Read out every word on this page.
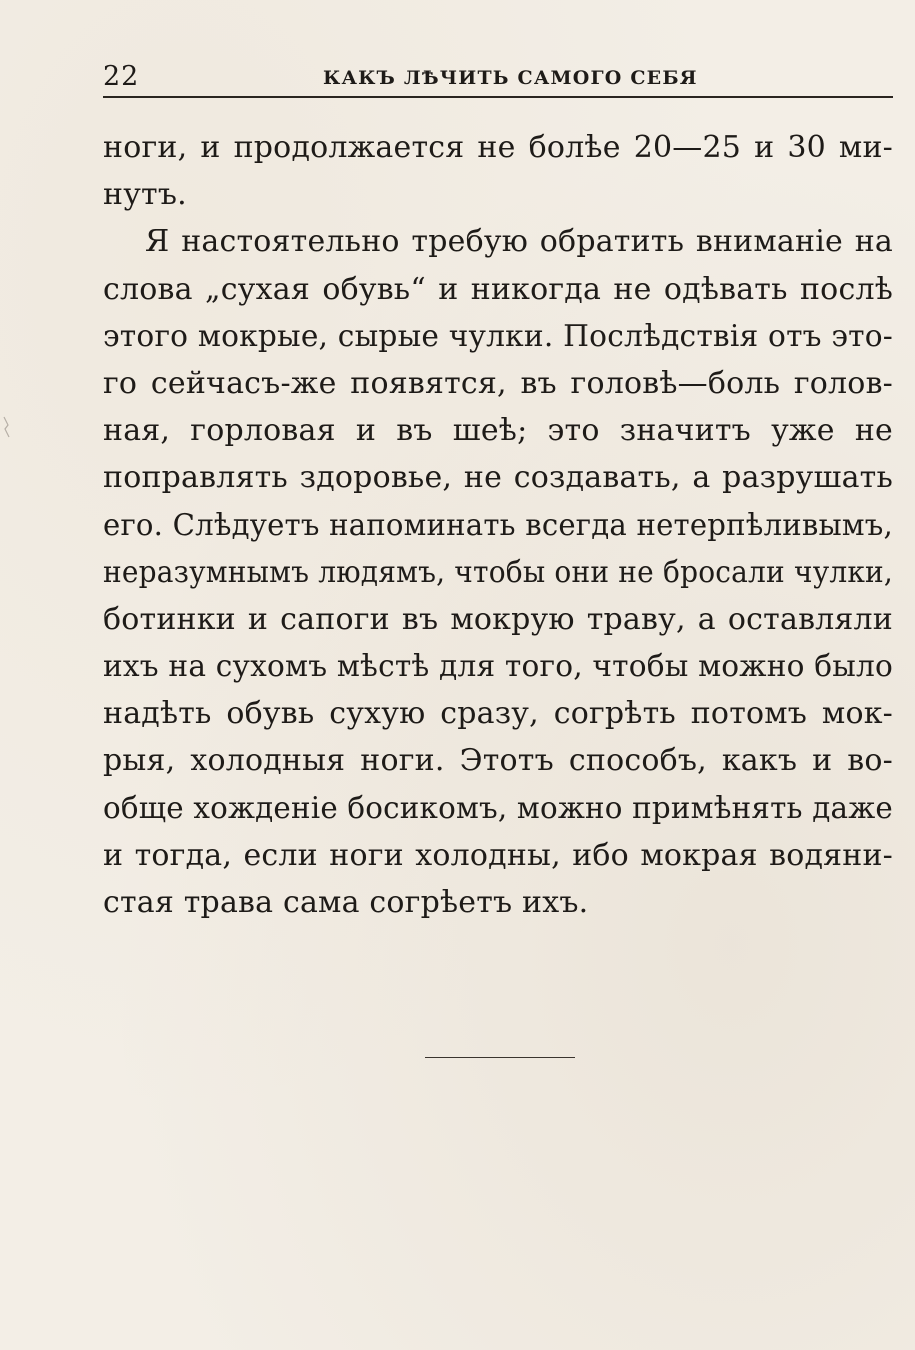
22	КАКЪ ЛѢЧИТЬ САМОГО СЕБЯ
ноги, и продолжается не болѣе 20—25 и 30 ми-
нутъ.
Я настоятельно требую обратить вниманіе на
слова „сухая обувь“ и никогда не одѣвать послѣ
этого мокрые, сырые чулки. Послѣдствія отъ это-
го сейчасъ-же появятся, въ головѣ—боль голов-
ная, горловая и въ шеѣ; это значитъ уже не
поправлять здоровье, не создавать, а разрушать
его. Слѣдуетъ напоминать всегда нетерпѣливымъ,
неразумнымъ людямъ, чтобы они не бросали чулки,
ботинки и сапоги въ мокрую траву, а оставляли
ихъ на сухомъ мѣстѣ для того, чтобы можно было
надѣть обувь сухую сразу, согрѣть потомъ мок-
рыя, холодныя ноги. Этотъ способъ, какъ и во-
обще хожденіе босикомъ, можно примѣнять даже
и тогда, если ноги холодны, ибо мокрая водяни-
стая трава сама согрѣетъ ихъ.
